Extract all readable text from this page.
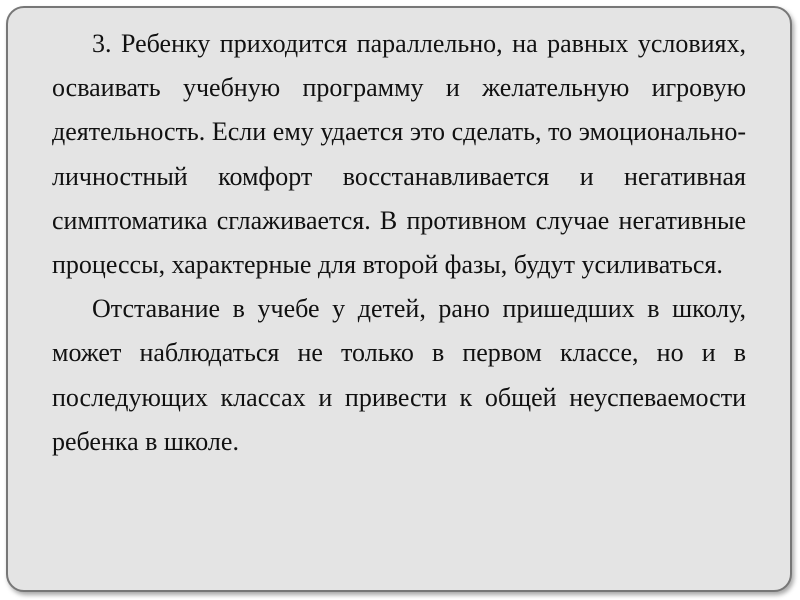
3. Ребенку приходится параллельно, на равных условиях, осваивать учебную программу и желательную игровую деятельность. Если ему удается это сделать, то эмоционально-личностный комфорт восстанавливается и негативная симптоматика сглаживается. В противном случае негативные процессы, характерные для второй фазы, будут усиливаться.

Отставание в учебе у детей, рано пришедших в школу, может наблюдаться не только в первом классе, но и в последующих классах и привести к общей неуспеваемости ребенка в школе.
